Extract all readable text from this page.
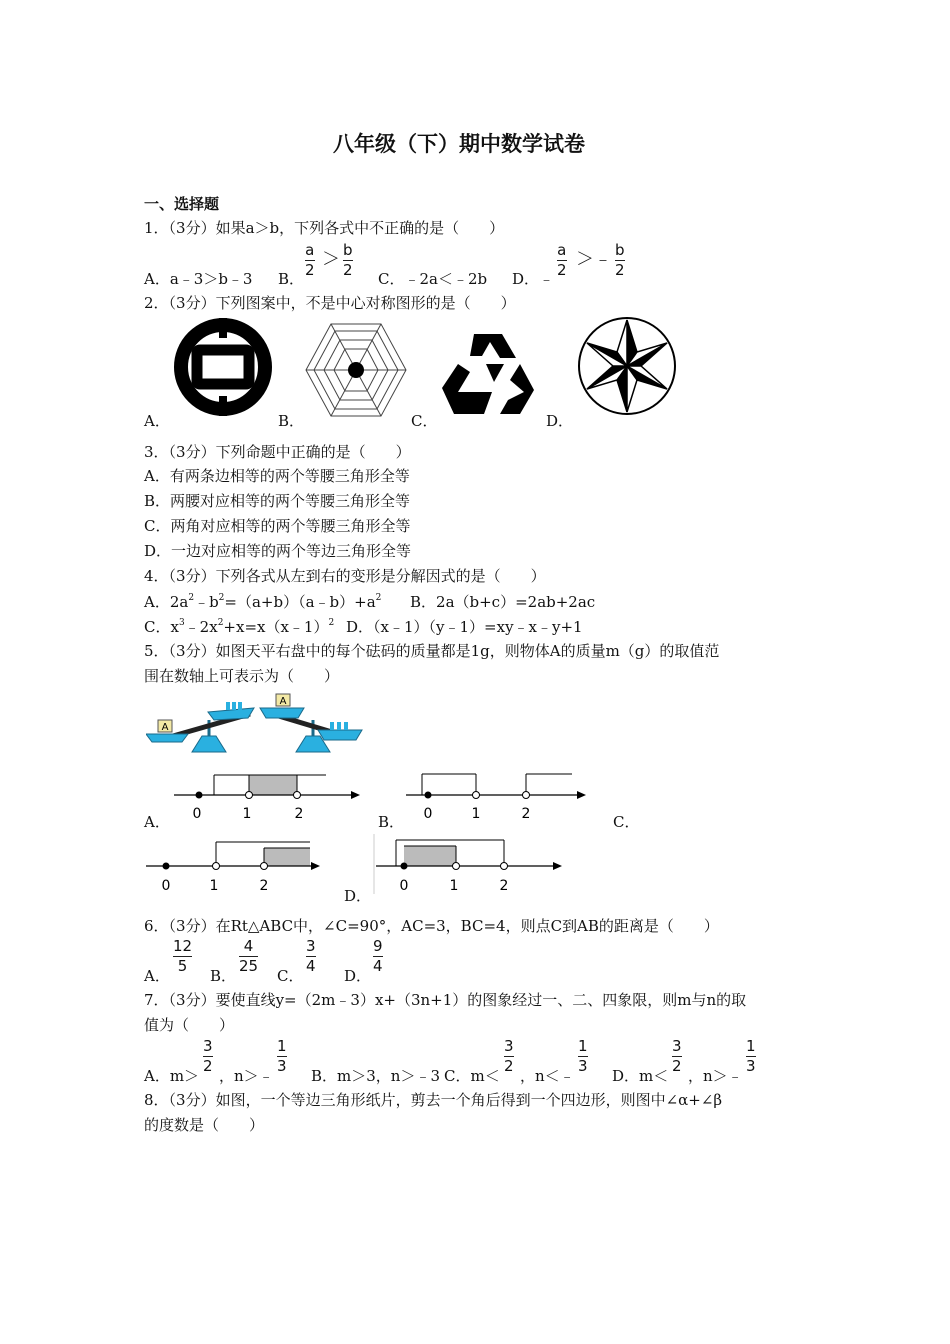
八年级（下）期中数学试卷
一、选择题
1．（3分）如果a＞b，下列各式中不正确的是（　　）
A．a﹣3＞b﹣3 B．
a
2 ＞ b
2 C．﹣2a＜﹣2b D．﹣
a
2 ＞﹣ b
2
2．（3分）下列图案中，不是中心对称图形的是（　　）
A．	B．	C．	D．
3．（3分）下列命题中正确的是（　　）
A．有两条边相等的两个等腰三角形全等
B．两腰对应相等的两个等腰三角形全等
C．两角对应相等的两个等腰三角形全等
D．一边对应相等的两个等边三角形全等
4．（3分）下列各式从左到右的变形是分解因式的是（　　）
A．$2a^2﹣b^2=(a+b)(a﹣b)+a^2$ B．2a（b+c）=2ab+2ac
C．$x^3﹣2x^2+x=x(x﹣1)^2$ D．（x﹣1）（y﹣1）=xy﹣x﹣y+1
5．（3分）如图天平右盘中的每个砝码的质量都是1g，则物体A的质量m（g）的取值范
围在数轴上可表示为（　　）
A
A
A． 0	1	2	B． 0	1	2	C．
0	1	2
D．
0	1	2
6．（3分）在Rt△ABC中，∠C=90°，AC=3，BC=4，则点C到AB的距离是（　　）
A．
12
5
B．
4
25
C．
3
4
D．
9
4
7．（3分）要使直线y=（2m﹣3）x+（3n+1）的图象经过一、二、四象限，则m与n的取
值为（　　）
A．m＞
3
2
，n＞﹣
1
3
B．m＞3，n＞﹣3 C．m＜
3
2
，n＜﹣
1
3
D．m＜
3
2
，n＞﹣
1
3
8．（3分）如图，一个等边三角形纸片，剪去一个角后得到一个四边形，则图中∠α+∠β
的度数是（　　）
